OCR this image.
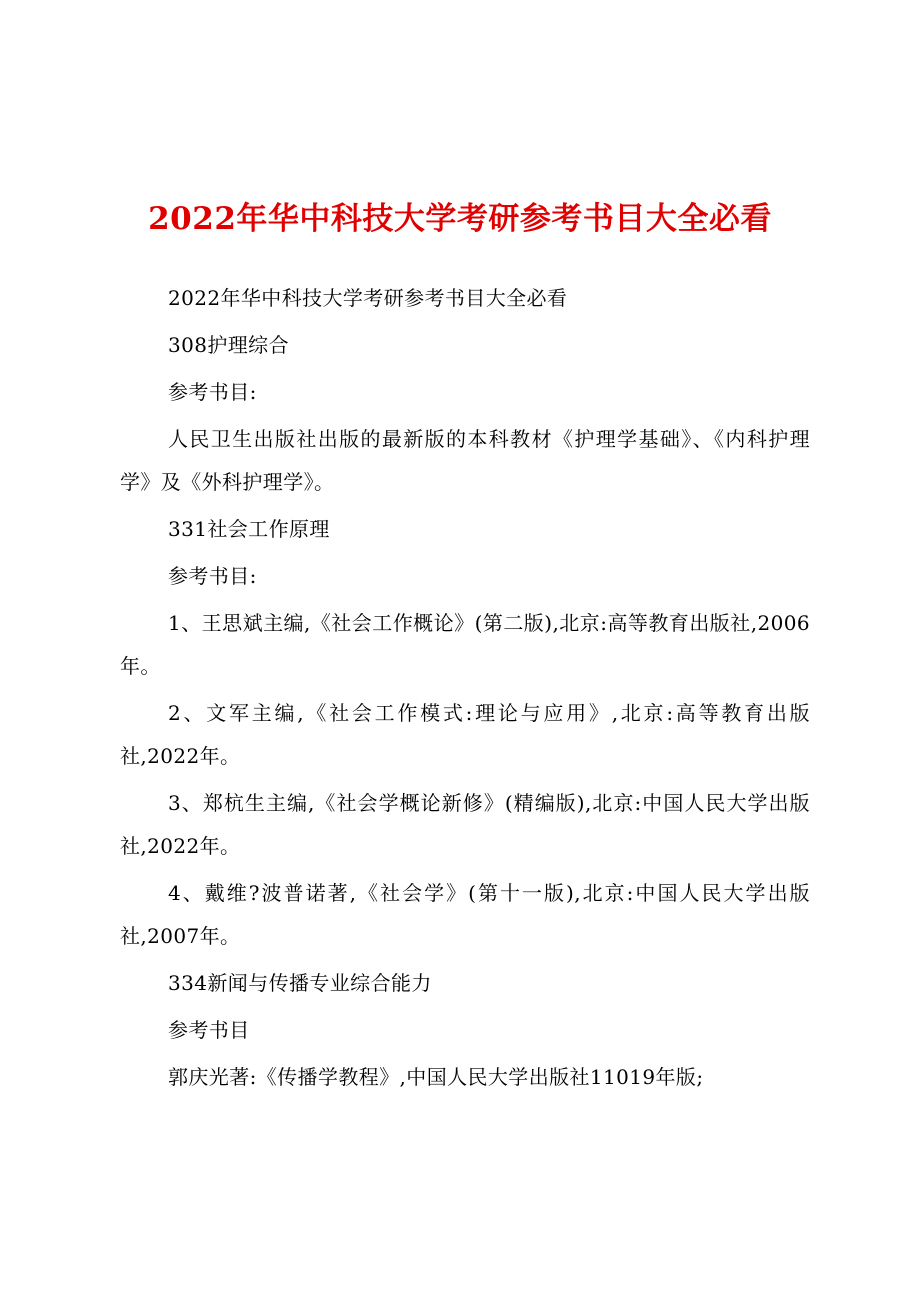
2022年华中科技大学考研参考书目大全必看

2022年华中科技大学考研参考书目大全必看

308护理综合

参考书目:

人民卫生出版社出版的最新版的本科教材《护理学基础》、《内科护理学》及《外科护理学》。

331社会工作原理

参考书目:

1、王思斌主编,《社会工作概论》(第二版),北京:高等教育出版社,2006年。

2、文军主编,《社会工作模式:理论与应用》,北京:高等教育出版社,2022年。

3、郑杭生主编,《社会学概论新修》(精编版),北京:中国人民大学出版社,2022年。

4、戴维?波普诺著,《社会学》(第十一版),北京:中国人民大学出版社,2007年。

334新闻与传播专业综合能力

参考书目

郭庆光著:《传播学教程》,中国人民大学出版社11019年版;
